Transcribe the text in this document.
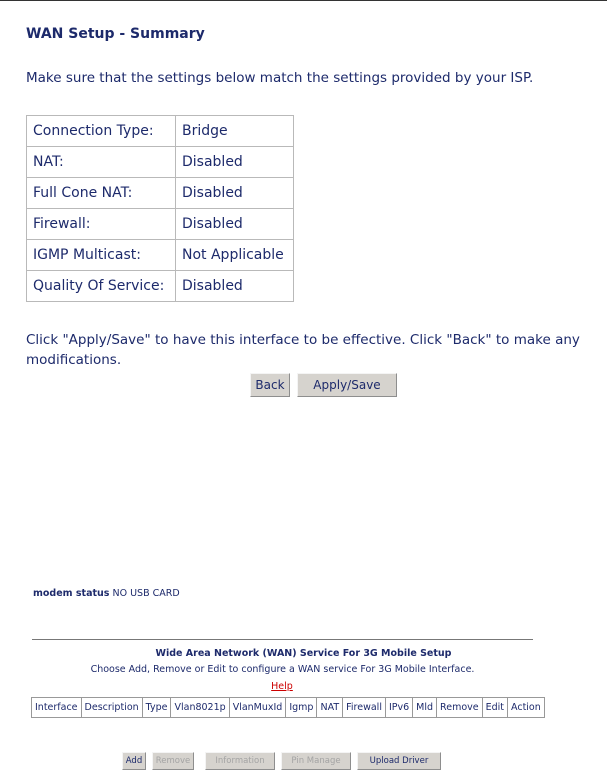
WAN Setup - Summary
Make sure that the settings below match the settings provided by your ISP.
Connection Type:	Bridge
NAT:	Disabled
Full Cone NAT:	Disabled
Firewall:	Disabled
IGMP Multicast:	Not Applicable
Quality Of Service:	Disabled
Click "Apply/Save" to have this interface to be effective. Click "Back" to make any modifications.
Back	Apply/Save
modem status NO USB CARD
Wide Area Network (WAN) Service For 3G Mobile Setup
Choose Add, Remove or Edit to configure a WAN service For 3G Mobile Interface.
Help
Interface	Description	Type	Vlan8021p	VlanMuxId	Igmp	NAT	Firewall	IPv6	Mld	Remove	Edit	Action
Add	Remove	Information	Pin Manage	Upload Driver
